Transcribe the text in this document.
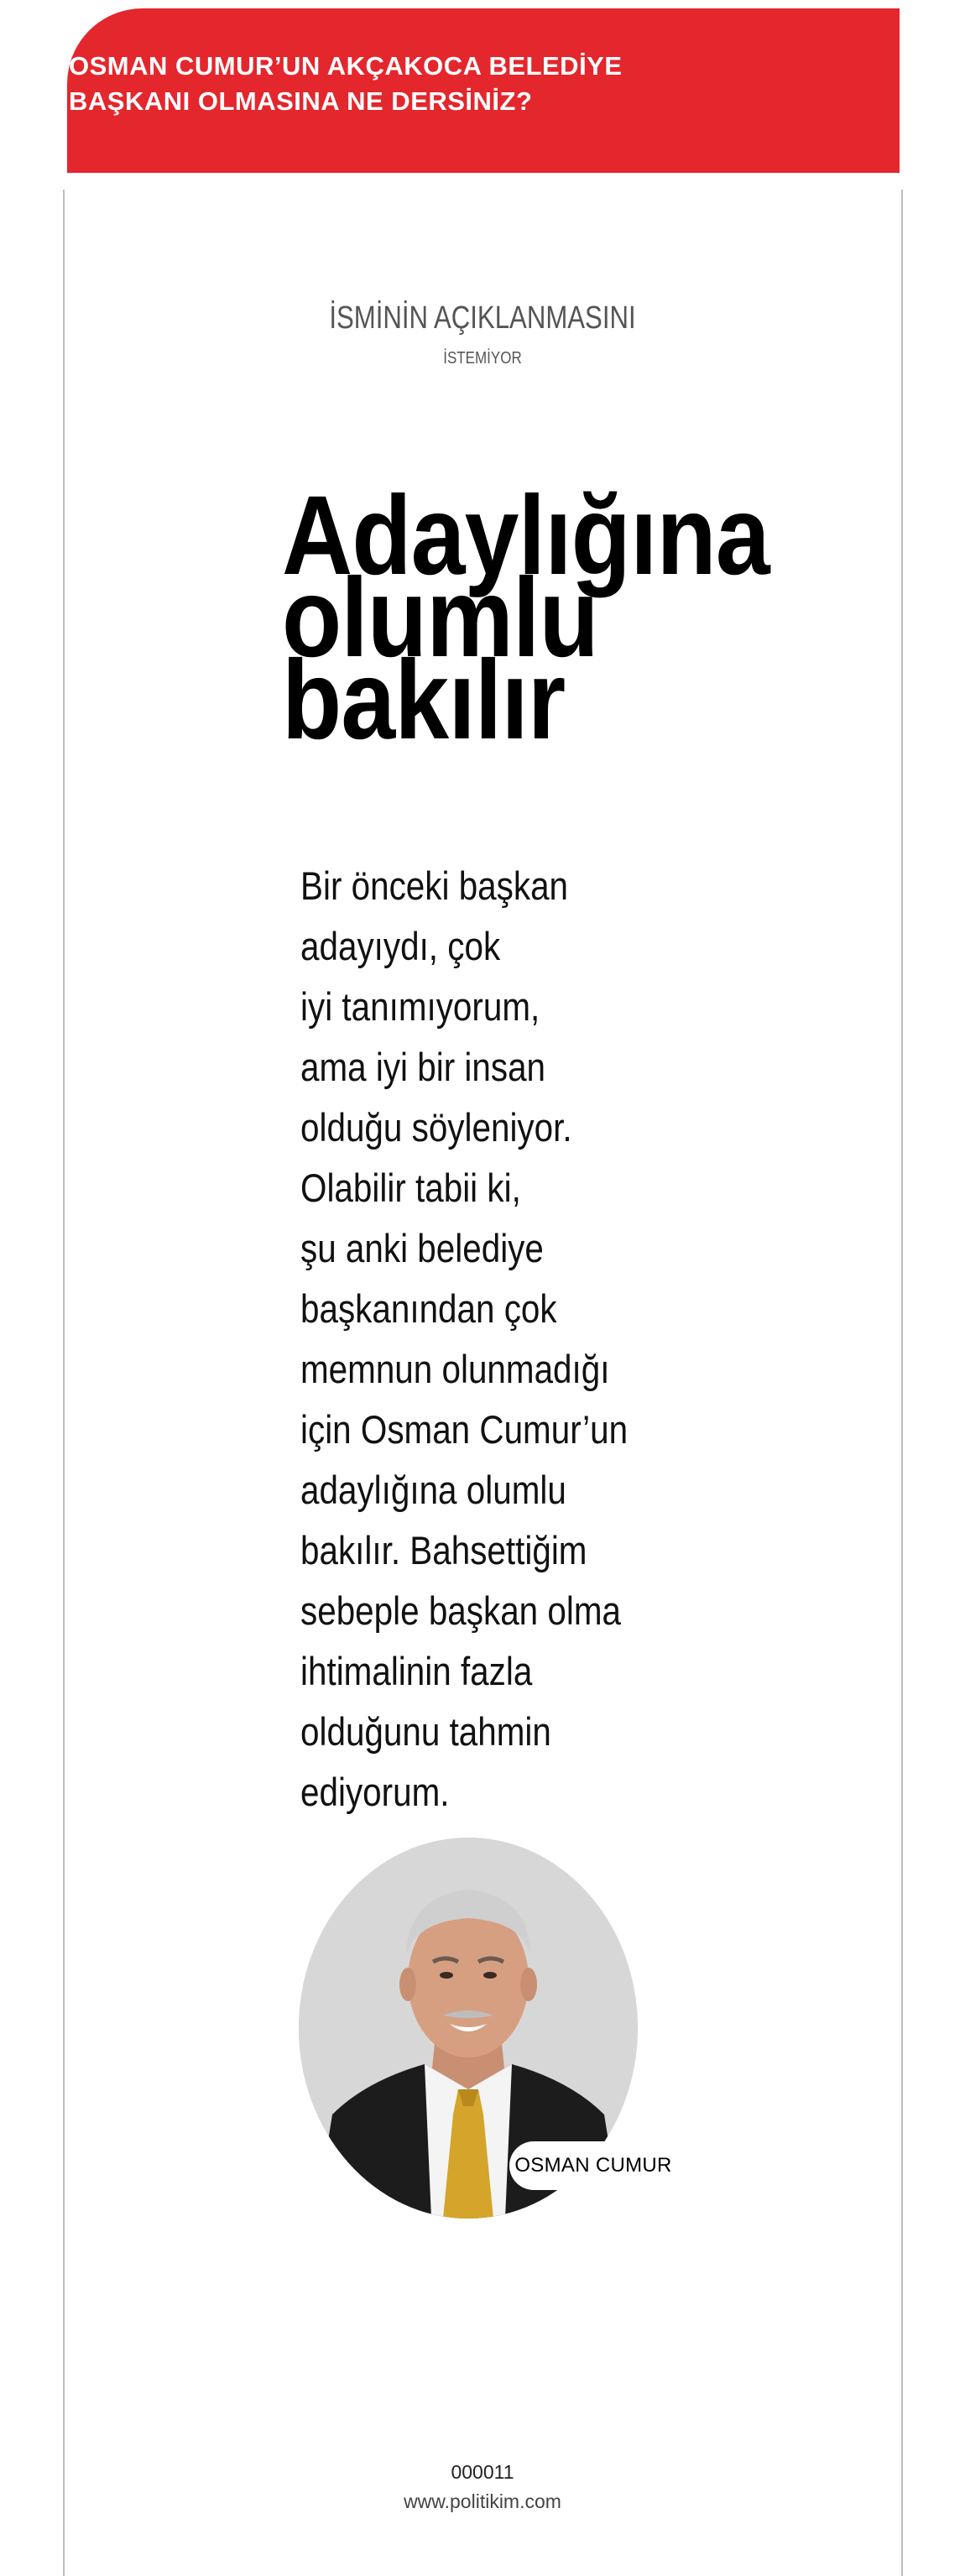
OSMAN CUMUR’UN AKÇAKOCA BELEDİYE
BAŞKANI OLMASINA NE DERSİNİZ?
İSMİNİN AÇIKLANMASINI
İSTEMİYOR
Adaylığına
olumlu
bakılır
Bir önceki başkan
adayıydı, çok
iyi tanımıyorum,
ama iyi bir insan
olduğu söyleniyor.
Olabilir tabii ki,
şu anki belediye
başkanından çok
memnun olunmadığı
için Osman Cumur’un
adaylığına olumlu
bakılır. Bahsettiğim
sebeple başkan olma
ihtimalinin fazla
olduğunu tahmin
ediyorum.
OSMAN CUMUR
000011
www.politikim.com
